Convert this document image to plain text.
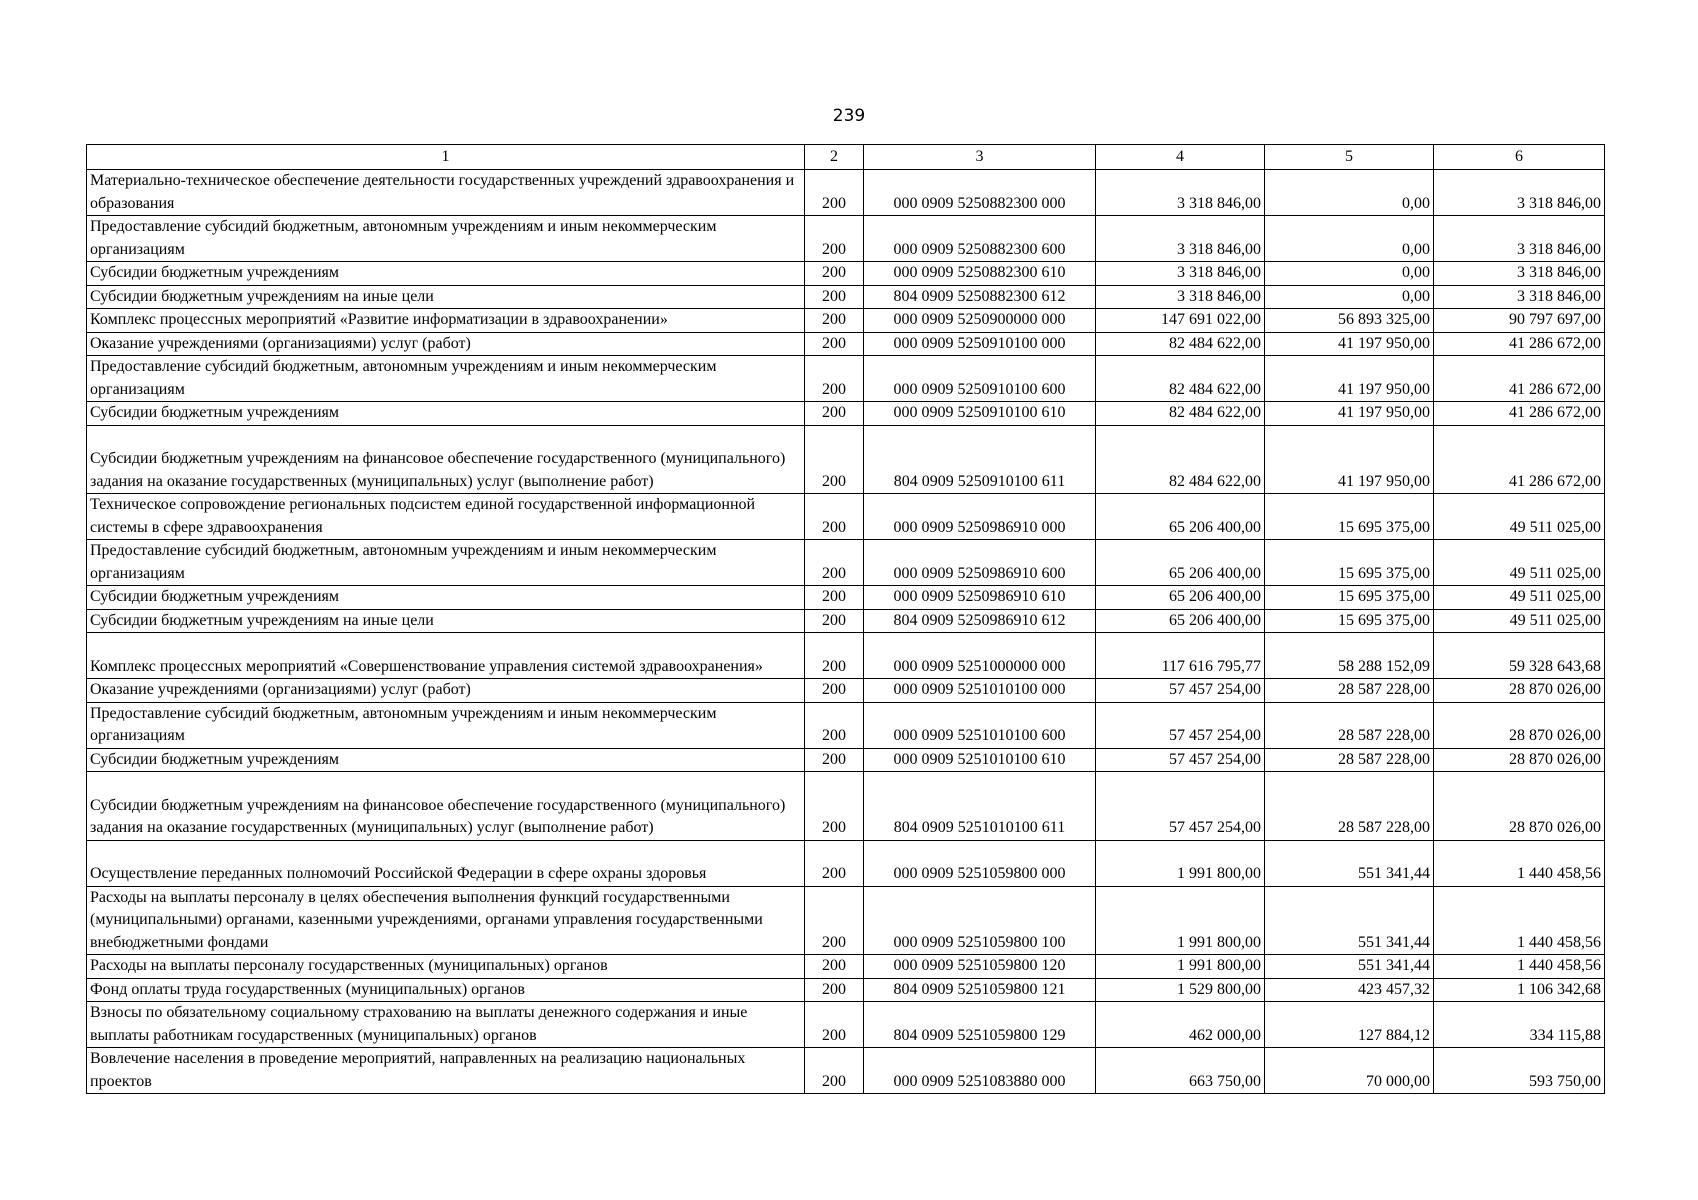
239
1	2	3	4	5	6
Материально-техническое обеспечение деятельности государственных учреждений здравоохранения и образования	200	000 0909 5250882300 000	3 318 846,00	0,00	3 318 846,00
Предоставление субсидий бюджетным, автономным учреждениям и иным некоммерческим организациям	200	000 0909 5250882300 600	3 318 846,00	0,00	3 318 846,00
Субсидии бюджетным учреждениям	200	000 0909 5250882300 610	3 318 846,00	0,00	3 318 846,00
Субсидии бюджетным учреждениям на иные цели	200	804 0909 5250882300 612	3 318 846,00	0,00	3 318 846,00
Комплекс процессных мероприятий «Развитие информатизации в здравоохранении»	200	000 0909 5250900000 000	147 691 022,00	56 893 325,00	90 797 697,00
Оказание учреждениями (организациями) услуг (работ)	200	000 0909 5250910100 000	82 484 622,00	41 197 950,00	41 286 672,00
Предоставление субсидий бюджетным, автономным учреждениям и иным некоммерческим организациям	200	000 0909 5250910100 600	82 484 622,00	41 197 950,00	41 286 672,00
Субсидии бюджетным учреждениям	200	000 0909 5250910100 610	82 484 622,00	41 197 950,00	41 286 672,00
Субсидии бюджетным учреждениям на финансовое обеспечение государственного (муниципального) задания на оказание государственных (муниципальных) услуг (выполнение работ)	200	804 0909 5250910100 611	82 484 622,00	41 197 950,00	41 286 672,00
Техническое сопровождение региональных подсистем единой государственной информационной системы в сфере здравоохранения	200	000 0909 5250986910 000	65 206 400,00	15 695 375,00	49 511 025,00
Предоставление субсидий бюджетным, автономным учреждениям и иным некоммерческим организациям	200	000 0909 5250986910 600	65 206 400,00	15 695 375,00	49 511 025,00
Субсидии бюджетным учреждениям	200	000 0909 5250986910 610	65 206 400,00	15 695 375,00	49 511 025,00
Субсидии бюджетным учреждениям на иные цели	200	804 0909 5250986910 612	65 206 400,00	15 695 375,00	49 511 025,00
Комплекс процессных мероприятий «Совершенствование управления системой здравоохранения»	200	000 0909 5251000000 000	117 616 795,77	58 288 152,09	59 328 643,68
Оказание учреждениями (организациями) услуг (работ)	200	000 0909 5251010100 000	57 457 254,00	28 587 228,00	28 870 026,00
Предоставление субсидий бюджетным, автономным учреждениям и иным некоммерческим организациям	200	000 0909 5251010100 600	57 457 254,00	28 587 228,00	28 870 026,00
Субсидии бюджетным учреждениям	200	000 0909 5251010100 610	57 457 254,00	28 587 228,00	28 870 026,00
Субсидии бюджетным учреждениям на финансовое обеспечение государственного (муниципального) задания на оказание государственных (муниципальных) услуг (выполнение работ)	200	804 0909 5251010100 611	57 457 254,00	28 587 228,00	28 870 026,00
Осуществление переданных полномочий Российской Федерации в сфере охраны здоровья	200	000 0909 5251059800 000	1 991 800,00	551 341,44	1 440 458,56
Расходы на выплаты персоналу в целях обеспечения выполнения функций государственными (муниципальными) органами, казенными учреждениями, органами управления государственными внебюджетными фондами	200	000 0909 5251059800 100	1 991 800,00	551 341,44	1 440 458,56
Расходы на выплаты персоналу государственных (муниципальных) органов	200	000 0909 5251059800 120	1 991 800,00	551 341,44	1 440 458,56
Фонд оплаты труда государственных (муниципальных) органов	200	804 0909 5251059800 121	1 529 800,00	423 457,32	1 106 342,68
Взносы по обязательному социальному страхованию на выплаты денежного содержания и иные выплаты работникам государственных (муниципальных) органов	200	804 0909 5251059800 129	462 000,00	127 884,12	334 115,88
Вовлечение населения в проведение мероприятий, направленных на реализацию национальных проектов	200	000 0909 5251083880 000	663 750,00	70 000,00	593 750,00
